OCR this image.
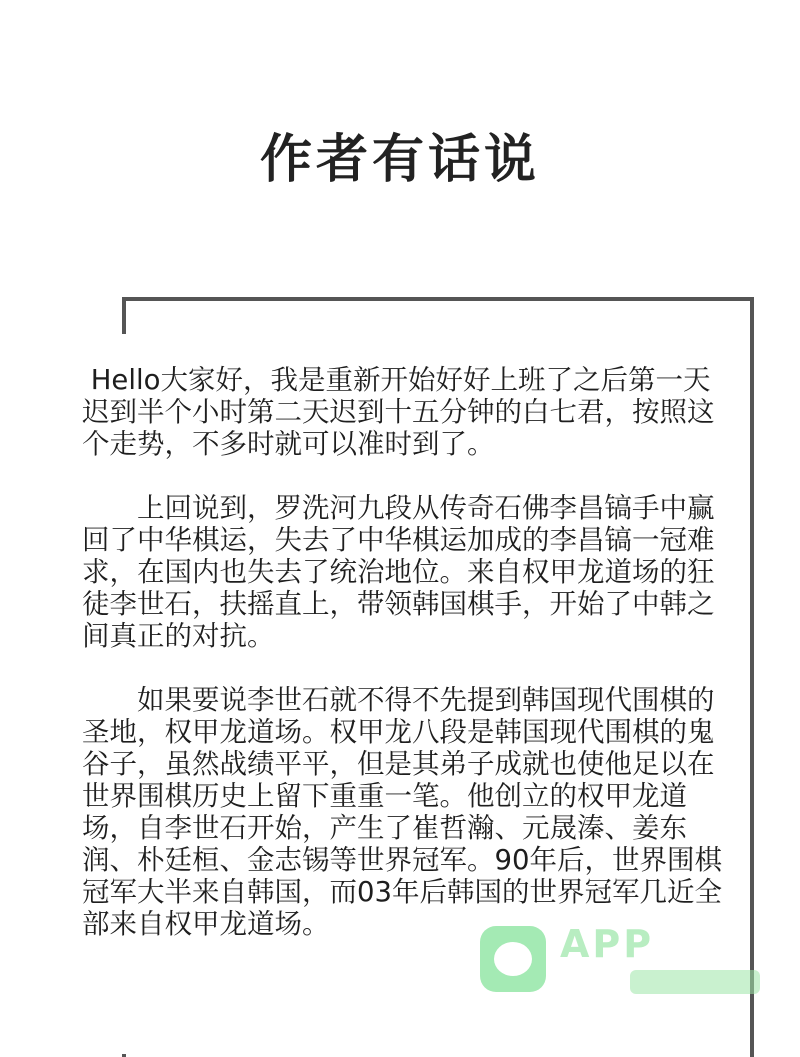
作者有话说

Hello大家好，我是重新开始好好上班了之后第一天迟到半个小时第二天迟到十五分钟的白七君，按照这个走势，不多时就可以准时到了。

上回说到，罗洗河九段从传奇石佛李昌镐手中赢回了中华棋运，失去了中华棋运加成的李昌镐一冠难求，在国内也失去了统治地位。来自权甲龙道场的狂徒李世石，扶摇直上，带领韩国棋手，开始了中韩之间真正的对抗。

如果要说李世石就不得不先提到韩国现代围棋的圣地，权甲龙道场。权甲龙八段是韩国现代围棋的鬼谷子，虽然战绩平平，但是其弟子成就也使他足以在世界围棋历史上留下重重一笔。他创立的权甲龙道场，自李世石开始，产生了崔哲瀚、元晟溱、姜东润、朴廷桓、金志锡等世界冠军。90年后，世界围棋冠军大半来自韩国，而03年后韩国的世界冠军几近全部来自权甲龙道场。	APP
